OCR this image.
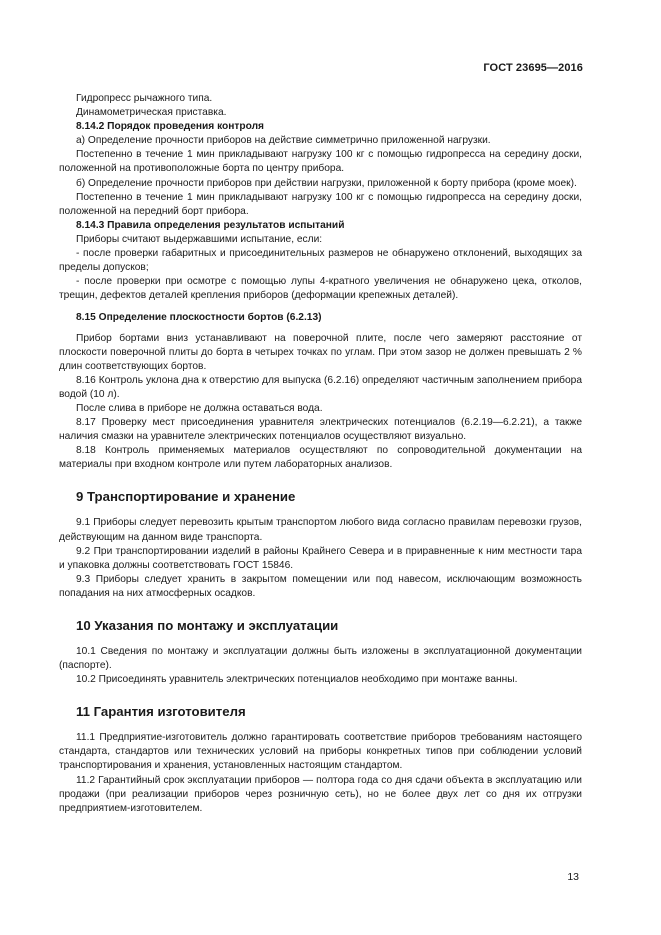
ГОСТ 23695—2016

Гидропресс рычажного типа.

Динамометрическая приставка.

8.14.2 Порядок проведения контроля

а) Определение прочности приборов на действие симметрично приложенной нагрузки.

Постепенно в течение 1 мин прикладывают нагрузку 100 кг с помощью гидропресса на середину доски, положенной на противоположные борта по центру прибора.

б) Определение прочности приборов при действии нагрузки, приложенной к борту прибора (кроме моек).

Постепенно в течение 1 мин прикладывают нагрузку 100 кг с помощью гидропресса на середину доски, положенной на передний борт прибора.

8.14.3 Правила определения результатов испытаний

Приборы считают выдержавшими испытание, если:

- после проверки габаритных и присоединительных размеров не обнаружено отклонений, выходящих за пределы допусков;

- после проверки при осмотре с помощью лупы 4-кратного увеличения не обнаружено цека, отколов, трещин, дефектов деталей крепления приборов (деформации крепежных деталей).

8.15 Определение плоскостности бортов (6.2.13)

Прибор бортами вниз устанавливают на поверочной плите, после чего замеряют расстояние от плоскости поверочной плиты до борта в четырех точках по углам. При этом зазор не должен превышать 2 % длин соответствующих бортов.

8.16 Контроль уклона дна к отверстию для выпуска (6.2.16) определяют частичным заполнением прибора водой (10 л).

После слива в приборе не должна оставаться вода.

8.17 Проверку мест присоединения уравнителя электрических потенциалов (6.2.19—6.2.21), а также наличия смазки на уравнителе электрических потенциалов осуществляют визуально.

8.18 Контроль применяемых материалов осуществляют по сопроводительной документации на материалы при входном контроле или путем лабораторных анализов.

9 Транспортирование и хранение

9.1 Приборы следует перевозить крытым транспортом любого вида согласно правилам перевозки грузов, действующим на данном виде транспорта.

9.2 При транспортировании изделий в районы Крайнего Севера и в приравненные к ним местности тара и упаковка должны соответствовать ГОСТ 15846.

9.3 Приборы следует хранить в закрытом помещении или под навесом, исключающим возможность попадания на них атмосферных осадков.

10 Указания по монтажу и эксплуатации

10.1 Сведения по монтажу и эксплуатации должны быть изложены в эксплуатационной документации (паспорте).

10.2 Присоединять уравнитель электрических потенциалов необходимо при монтаже ванны.

11 Гарантия изготовителя

11.1 Предприятие-изготовитель должно гарантировать соответствие приборов требованиям настоящего стандарта, стандартов или технических условий на приборы конкретных типов при соблюдении условий транспортирования и хранения, установленных настоящим стандартом.

11.2 Гарантийный срок эксплуатации приборов — полтора года со дня сдачи объекта в эксплуатацию или продажи (при реализации приборов через розничную сеть), но не более двух лет со дня их отгрузки предприятием-изготовителем.

13
